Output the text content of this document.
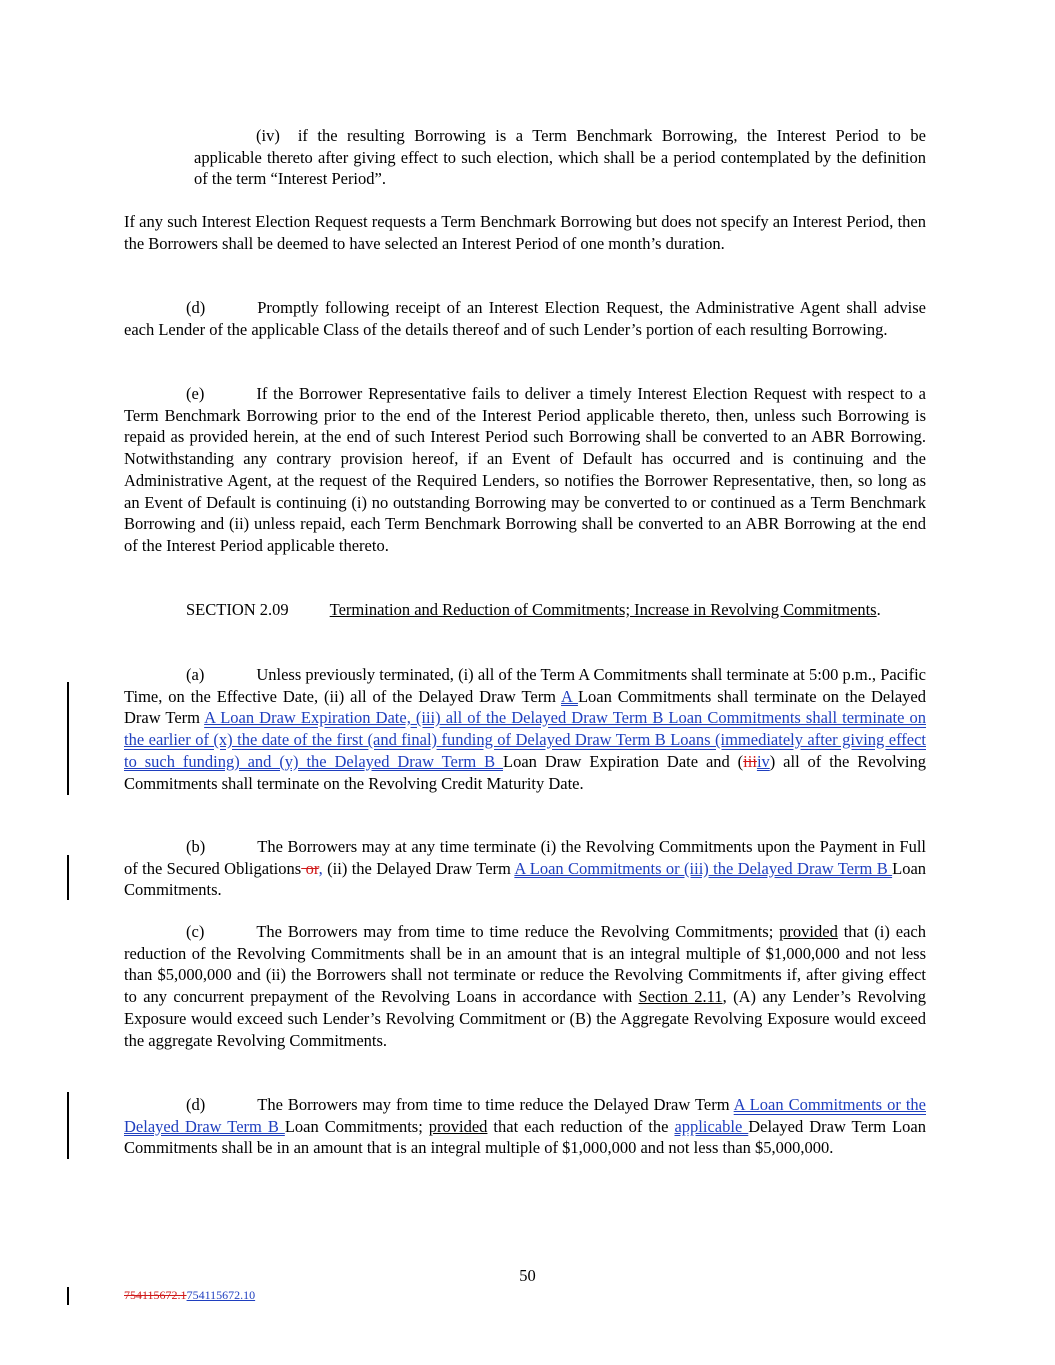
(iv) if the resulting Borrowing is a Term Benchmark Borrowing, the Interest Period to be applicable thereto after giving effect to such election, which shall be a period contemplated by the definition of the term “Interest Period”.
If any such Interest Election Request requests a Term Benchmark Borrowing but does not specify an Interest Period, then the Borrowers shall be deemed to have selected an Interest Period of one month’s duration.
(d)	Promptly following receipt of an Interest Election Request, the Administrative Agent shall advise each Lender of the applicable Class of the details thereof and of such Lender’s portion of each resulting Borrowing.
(e)	If the Borrower Representative fails to deliver a timely Interest Election Request with respect to a Term Benchmark Borrowing prior to the end of the Interest Period applicable thereto, then, unless such Borrowing is repaid as provided herein, at the end of such Interest Period such Borrowing shall be converted to an ABR Borrowing. Notwithstanding any contrary provision hereof, if an Event of Default has occurred and is continuing and the Administrative Agent, at the request of the Required Lenders, so notifies the Borrower Representative, then, so long as an Event of Default is continuing (i) no outstanding Borrowing may be converted to or continued as a Term Benchmark Borrowing and (ii) unless repaid, each Term Benchmark Borrowing shall be converted to an ABR Borrowing at the end of the Interest Period applicable thereto.
SECTION 2.09 Termination and Reduction of Commitments; Increase in Revolving Commitments.
(a)	Unless previously terminated, (i) all of the Term A Commitments shall terminate at 5:00 p.m., Pacific Time, on the Effective Date, (ii) all of the Delayed Draw Term A Loan Commitments shall terminate on the Delayed Draw Term A Loan Draw Expiration Date, (iii) all of the Delayed Draw Term B Loan Commitments shall terminate on the earlier of (x) the date of the first (and final) funding of Delayed Draw Term B Loans (immediately after giving effect to such funding) and (y) the Delayed Draw Term B Loan Draw Expiration Date and (iiiiv) all of the Revolving Commitments shall terminate on the Revolving Credit Maturity Date.
(b)	The Borrowers may at any time terminate (i) the Revolving Commitments upon the Payment in Full of the Secured Obligations or, (ii) the Delayed Draw Term A Loan Commitments or (iii) the Delayed Draw Term B Loan Commitments.
(c)	The Borrowers may from time to time reduce the Revolving Commitments; provided that (i) each reduction of the Revolving Commitments shall be in an amount that is an integral multiple of $1,000,000 and not less than $5,000,000 and (ii) the Borrowers shall not terminate or reduce the Revolving Commitments if, after giving effect to any concurrent prepayment of the Revolving Loans in accordance with Section 2.11, (A) any Lender’s Revolving Exposure would exceed such Lender’s Revolving Commitment or (B) the Aggregate Revolving Exposure would exceed the aggregate Revolving Commitments.
(d)	The Borrowers may from time to time reduce the Delayed Draw Term A Loan Commitments or the Delayed Draw Term B Loan Commitments; provided that each reduction of the applicable Delayed Draw Term Loan Commitments shall be in an amount that is an integral multiple of $1,000,000 and not less than $5,000,000.
50
754115672.1754115672.10
